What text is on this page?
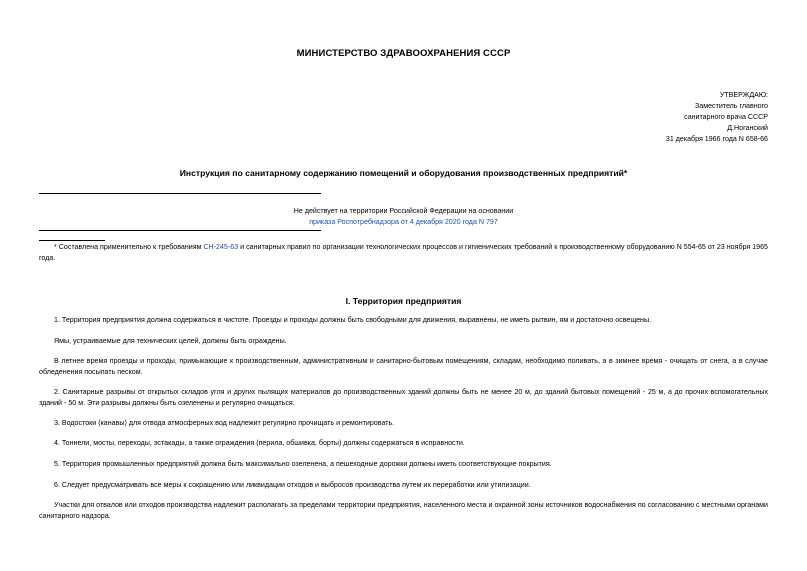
МИНИСТЕРСТВО ЗДРАВООХРАНЕНИЯ СССР
УТВЕРЖДАЮ:
Заместитель главного
санитарного врача СССР
Д.Ноганский
31 декабря 1966 года N 658-66
Инструкция по санитарному содержанию помещений и оборудования производственных предприятий*
Не действует на территории Российской Федерации на основании
приказа Роспотребнадзора от 4 декабря 2020 года N 797
* Составлена применительно к требованиям СН-245-63 и санитарных правил по организации технологических процессов и гигиенических требований к производственному оборудованию N 554-65 от 23 ноября 1965 года.
I. Территория предприятия
1. Территория предприятия должна содержаться в чистоте. Проезды и проходы должны быть свободными для движения, выравнены, не иметь рытвин, ям и достаточно освещены.
Ямы, устраиваемые для технических целей, должны быть ограждены.
В летнее время проезды и проходы, примыкающие к производственным, административным и санитарно-бытовым помещениям, складам, необходимо поливать, а в зимнее время - очищать от снега, а в случае обледенения посыпать песком.
2. Санитарные разрывы от открытых складов угля и других пылящих материалов до производственных зданий должны быть не менее 20 м, до зданий бытовых помещений - 25 м, а до прочих вспомогательных зданий - 50 м. Эти разрывы должны быть озеленены и регулярно очищаться.
3. Водостоки (канавы) для отвода атмосферных вод надлежит регулярно прочищать и ремонтировать.
4. Тоннели, мосты, переходы, эстакады, а также ограждения (перила, обшивка, борты) должны содержаться в исправности.
5. Территория промышленных предприятий должна быть максимально озеленена, а пешеходные дорожки должны иметь соответствующие покрытия.
6. Следует предусматривать все меры к сокращению или ликвидации отходов и выбросов производства путем их переработки или утилизации.
Участки для отвалов или отходов производства надлежит располагать за пределами территории предприятия, населенного места и охранной зоны источников водоснабжения по согласованию с местными органами санитарного надзора.
